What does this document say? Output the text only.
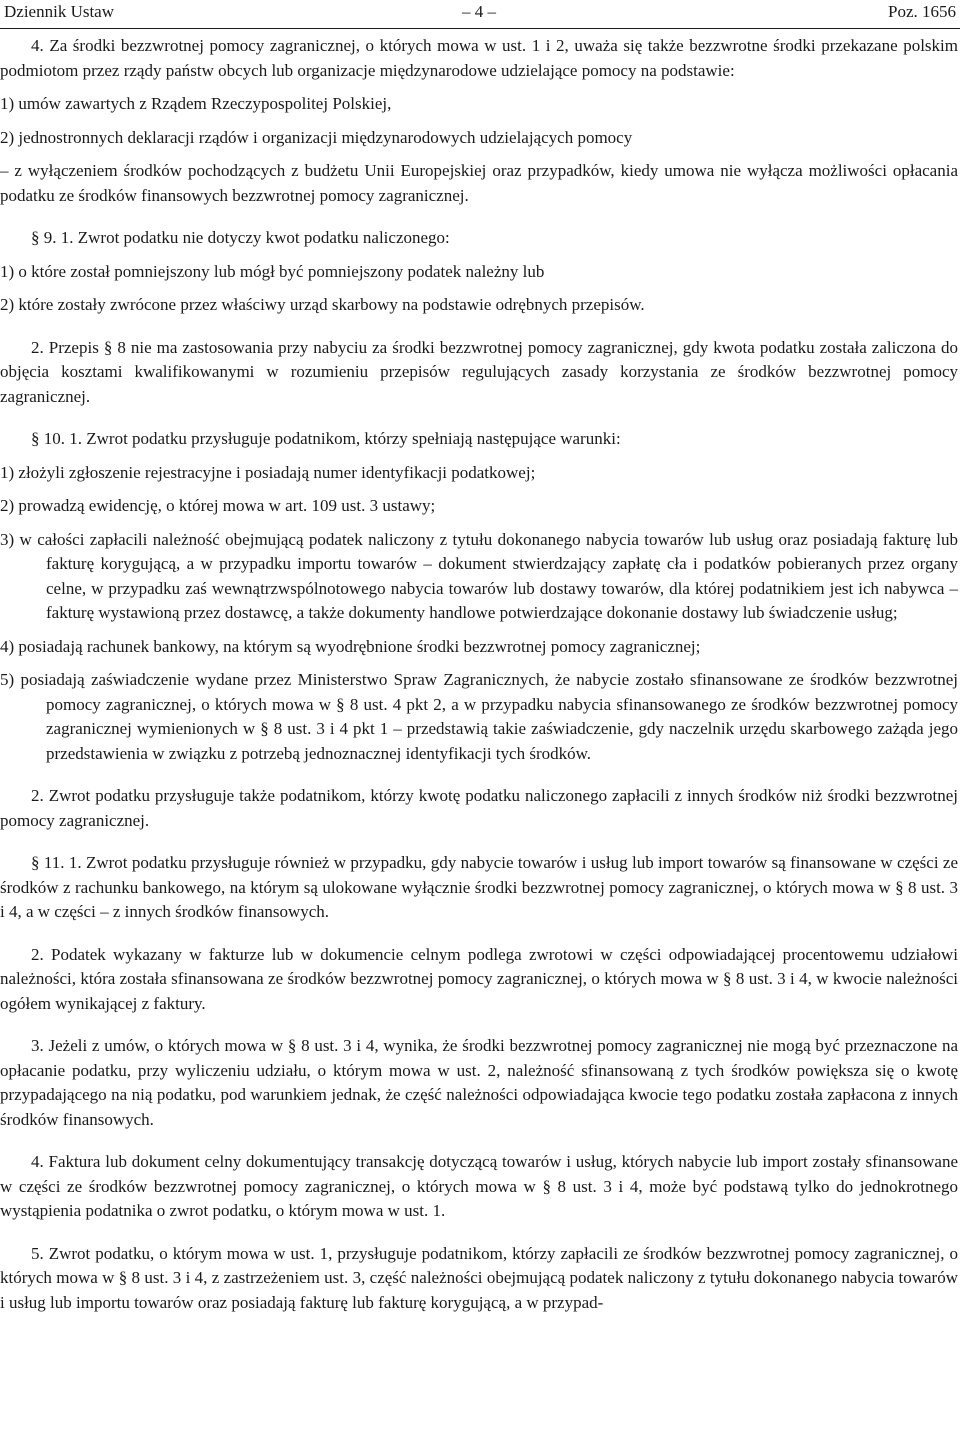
Dziennik Ustaw	– 4 –	Poz. 1656

4. Za środki bezzwrotnej pomocy zagranicznej, o których mowa w ust. 1 i 2, uważa się także bezzwrotne środki przekazane polskim podmiotom przez rządy państw obcych lub organizacje międzynarodowe udzielające pomocy na podstawie:

1) umów zawartych z Rządem Rzeczypospolitej Polskiej,

2) jednostronnych deklaracji rządów i organizacji międzynarodowych udzielających pomocy

– z wyłączeniem środków pochodzących z budżetu Unii Europejskiej oraz przypadków, kiedy umowa nie wyłącza możliwości opłacania podatku ze środków finansowych bezzwrotnej pomocy zagranicznej.

§ 9. 1. Zwrot podatku nie dotyczy kwot podatku naliczonego:

1) o które został pomniejszony lub mógł być pomniejszony podatek należny lub

2) które zostały zwrócone przez właściwy urząd skarbowy na podstawie odrębnych przepisów.

2. Przepis § 8 nie ma zastosowania przy nabyciu za środki bezzwrotnej pomocy zagranicznej, gdy kwota podatku została zaliczona do objęcia kosztami kwalifikowanymi w rozumieniu przepisów regulujących zasady korzystania ze środków bezzwrotnej pomocy zagranicznej.

§ 10. 1. Zwrot podatku przysługuje podatnikom, którzy spełniają następujące warunki:

1) złożyli zgłoszenie rejestracyjne i posiadają numer identyfikacji podatkowej;

2) prowadzą ewidencję, o której mowa w art. 109 ust. 3 ustawy;

3) w całości zapłacili należność obejmującą podatek naliczony z tytułu dokonanego nabycia towarów lub usług oraz posiadają fakturę lub fakturę korygującą, a w przypadku importu towarów – dokument stwierdzający zapłatę cła i podatków pobieranych przez organy celne, w przypadku zaś wewnątrzwspólnotowego nabycia towarów lub dostawy towarów, dla której podatnikiem jest ich nabywca – fakturę wystawioną przez dostawcę, a także dokumenty handlowe potwierdzające dokonanie dostawy lub świadczenie usług;

4) posiadają rachunek bankowy, na którym są wyodrębnione środki bezzwrotnej pomocy zagranicznej;

5) posiadają zaświadczenie wydane przez Ministerstwo Spraw Zagranicznych, że nabycie zostało sfinansowane ze środków bezzwrotnej pomocy zagranicznej, o których mowa w § 8 ust. 4 pkt 2, a w przypadku nabycia sfinansowanego ze środków bezzwrotnej pomocy zagranicznej wymienionych w § 8 ust. 3 i 4 pkt 1 – przedstawią takie zaświadczenie, gdy naczelnik urzędu skarbowego zażąda jego przedstawienia w związku z potrzebą jednoznacznej identyfikacji tych środków.

2. Zwrot podatku przysługuje także podatnikom, którzy kwotę podatku naliczonego zapłacili z innych środków niż środki bezzwrotnej pomocy zagranicznej.

§ 11. 1. Zwrot podatku przysługuje również w przypadku, gdy nabycie towarów i usług lub import towarów są finansowane w części ze środków z rachunku bankowego, na którym są ulokowane wyłącznie środki bezzwrotnej pomocy zagranicznej, o których mowa w § 8 ust. 3 i 4, a w części – z innych środków finansowych.

2. Podatek wykazany w fakturze lub w dokumencie celnym podlega zwrotowi w części odpowiadającej procentowemu udziałowi należności, która została sfinansowana ze środków bezzwrotnej pomocy zagranicznej, o których mowa w § 8 ust. 3 i 4, w kwocie należności ogółem wynikającej z faktury.

3. Jeżeli z umów, o których mowa w § 8 ust. 3 i 4, wynika, że środki bezzwrotnej pomocy zagranicznej nie mogą być przeznaczone na opłacanie podatku, przy wyliczeniu udziału, o którym mowa w ust. 2, należność sfinansowaną z tych środków powiększa się o kwotę przypadającego na nią podatku, pod warunkiem jednak, że część należności odpowiadająca kwocie tego podatku została zapłacona z innych środków finansowych.

4. Faktura lub dokument celny dokumentujący transakcję dotyczącą towarów i usług, których nabycie lub import zostały sfinansowane w części ze środków bezzwrotnej pomocy zagranicznej, o których mowa w § 8 ust. 3 i 4, może być podstawą tylko do jednokrotnego wystąpienia podatnika o zwrot podatku, o którym mowa w ust. 1.

5. Zwrot podatku, o którym mowa w ust. 1, przysługuje podatnikom, którzy zapłacili ze środków bezzwrotnej pomocy zagranicznej, o których mowa w § 8 ust. 3 i 4, z zastrzeżeniem ust. 3, część należności obejmującą podatek naliczony z tytułu dokonanego nabycia towarów i usług lub importu towarów oraz posiadają fakturę lub fakturę korygującą, a w przypad-
